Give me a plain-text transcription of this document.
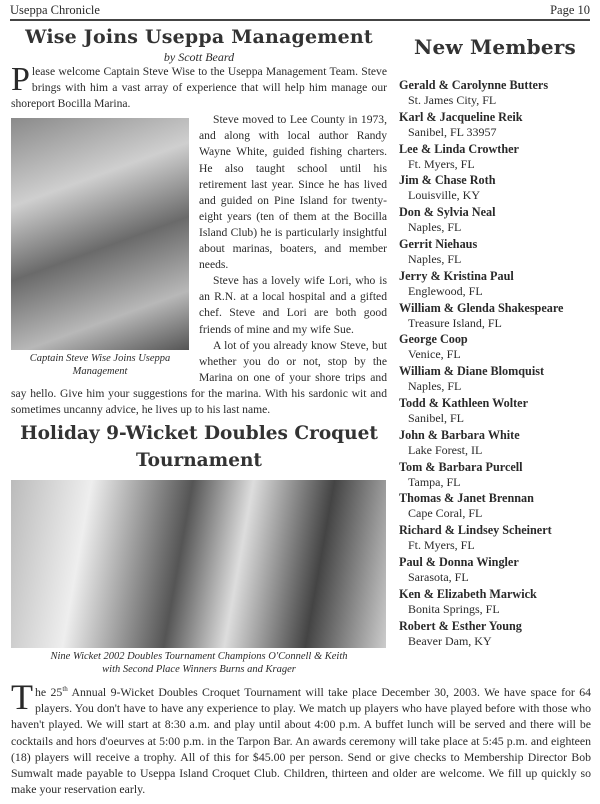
Useppa Chronicle	Page 10
Wise Joins Useppa Management
by Scott Beard

Please welcome Captain Steve Wise to the Useppa Management Team. Steve brings with him a vast array of experience that will help him manage our shoreport Bocilla Marina.

Captain Steve Wise Joins Useppa Management

Steve moved to Lee County in 1973, and along with local author Randy Wayne White, guided fishing charters. He also taught school until his retirement last year. Since he has lived and guided on Pine Island for twenty-eight years (ten of them at the Bocilla Island Club) he is particularly insightful about marinas, boaters, and member needs.

Steve has a lovely wife Lori, who is an R.N. at a local hospital and a gifted chef. Steve and Lori are both good friends of mine and my wife Sue.

A lot of you already know Steve, but whether you do or not, stop by the Marina on one of your shore trips and say hello. Give him your suggestions for the marina. With his sardonic wit and sometimes uncanny advice, he lives up to his last name.

Holiday 9-Wicket Doubles Croquet Tournament
Nine Wicket 2002 Doubles Tournament Champions O'Connell & Keith
with Second Place Winners Burns and Krager
New Members
Gerald & Carolynne Butters
St. James City, FL
Karl & Jacqueline Reik
Sanibel, FL 33957
Lee & Linda Crowther
Ft. Myers, FL
Jim & Chase Roth
Louisville, KY
Don & Sylvia Neal
Naples, FL
Gerrit Niehaus
Naples, FL
Jerry & Kristina Paul
Englewood, FL
William & Glenda Shakespeare
Treasure Island, FL
George Coop
Venice, FL
William & Diane Blomquist
Naples, FL
Todd & Kathleen Wolter
Sanibel, FL
John & Barbara White
Lake Forest, IL
Tom & Barbara Purcell
Tampa, FL
Thomas & Janet Brennan
Cape Coral, FL
Richard & Lindsey Scheinert
Ft. Myers, FL
Paul & Donna Wingler
Sarasota, FL
Ken & Elizabeth Marwick
Bonita Springs, FL
Robert & Esther Young
Beaver Dam, KY

The 25th Annual 9-Wicket Doubles Croquet Tournament will take place December 30, 2003. We have space for 64 players. You don't have to have any experience to play. We match up players who have played before with those who haven't played. We will start at 8:30 a.m. and play until about 4:00 p.m. A buffet lunch will be served and there will be cocktails and hors d'oeurves at 5:00 p.m. in the Tarpon Bar. An awards ceremony will take place at 5:45 p.m. and eighteen (18) players will receive a trophy. All of this for $45.00 per person. Send or give checks to Membership Director Bob Sumwalt made payable to Useppa Island Croquet Club. Children, thirteen and older are welcome. We fill up quickly so make your reservation early.
